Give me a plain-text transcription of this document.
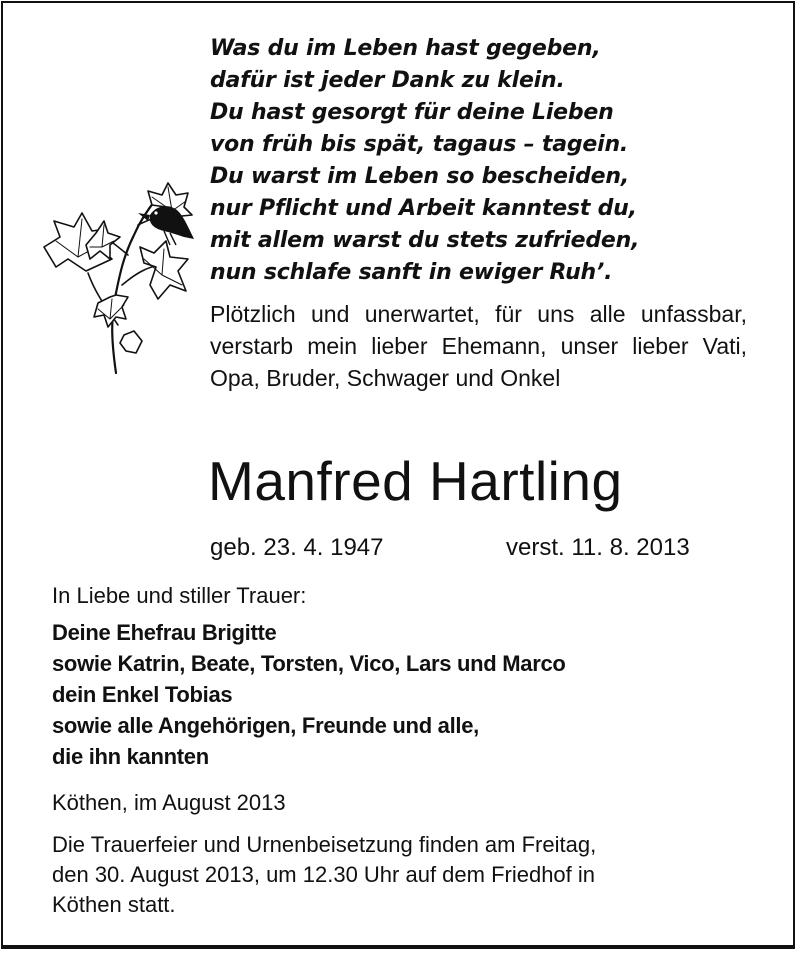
Was du im Leben hast gegeben,
dafür ist jeder Dank zu klein.
Du hast gesorgt für deine Lieben
von früh bis spät, tagaus – tagein.
Du warst im Leben so bescheiden,
nur Pflicht und Arbeit kanntest du,
mit allem warst du stets zufrieden,
nun schlafe sanft in ewiger Ruh’.
Plötzlich und unerwartet, für uns alle unfassbar, verstarb mein lieber Ehemann, unser lieber Vati, Opa, Bruder, Schwager und Onkel
Manfred Hartling
geb. 23. 4. 1947	verst. 11. 8. 2013
In Liebe und stiller Trauer:
Deine Ehefrau Brigitte
sowie Katrin, Beate, Torsten, Vico, Lars und Marco
dein Enkel Tobias
sowie alle Angehörigen, Freunde und alle,
die ihn kannten
Köthen, im August 2013
Die Trauerfeier und Urnenbeisetzung finden am Freitag,
den 30. August 2013, um 12.30 Uhr auf dem Friedhof in
Köthen statt.
